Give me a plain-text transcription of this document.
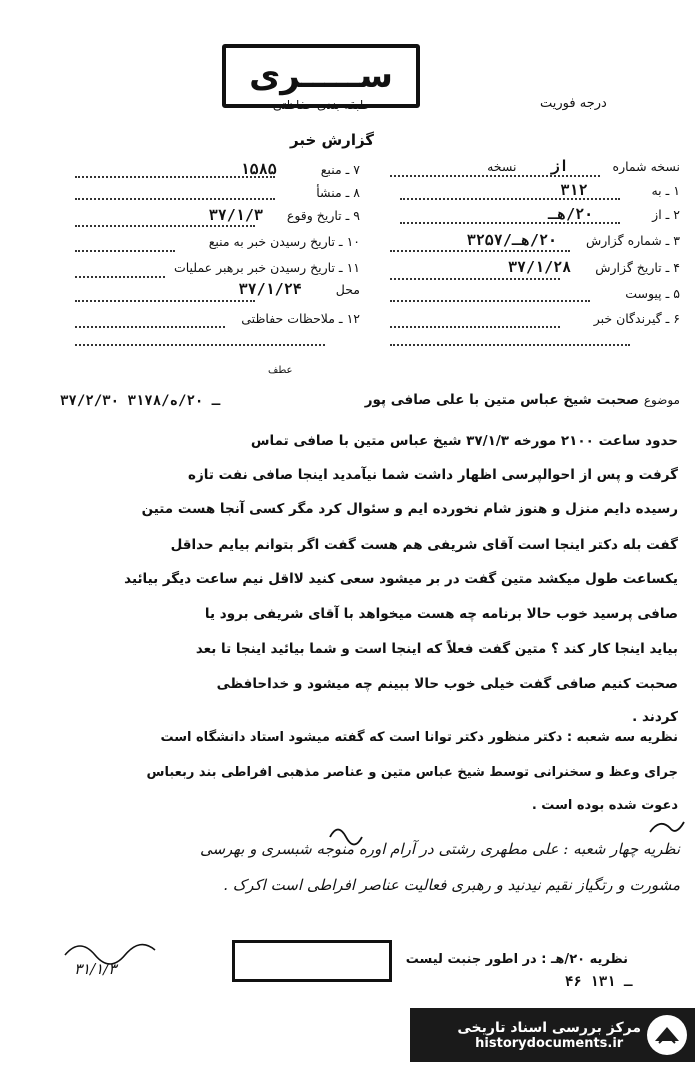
ســـــری
طبقه بندی حفاظتی	درجه فوریت
گزارش خبر
نسخه شماره از نسخه
۱ ـ به ۳۱۲
۲ ـ از ۲۰/هـ
۳ ـ شماره گزارش ۲۰/هـ/۳۲۵۷
۴ ـ تاریخ گزارش ۳۷/۱/۲۸
۵ ـ پیوست
۶ ـ گیرندگان خبر
۷ ـ منبع ۱۵۸۵
۸ ـ منشأ
۹ ـ تاریخ وقوع ۳۷/۱/۳
۱۰ ـ تاریخ رسیدن خبر به منبع
۱۱ ـ تاریخ رسیدن خبر برهبر عملیات
محل ۳۷/۱/۲۴
۱۲ ـ ملاحظات حفاظتی
موضوع صحبت شیخ عباس متین با علی صافی پور
عطف
۳۷/۲/۳۰ ـ ۲۰/ه/۳۱۷۸
حدود ساعت ۲۱۰۰ مورخه ۳۷/۱/۳ شیخ عباس متین با صافی تماس
گرفت و پس از احوالپرسی اظهار داشت شما نیآمدید اینجا صافی نفت تازه
رسیده دایم منزل و هنوز شام نخورده ایم و سئوال کرد مگر کسی آنجا هست متین
گفت بله دکتر اینجا است آقای شریفی هم هست گفت اگر بتوانم بیایم حداقل
یکساعت طول میکشد متین گفت در بر میشود سعی کنید لااقل نیم ساعت دیگر بیائید
صافی پرسید خوب حالا برنامه چه هست میخواهد با آقای شریفی برود یا
بیاید اینجا کار کند ؟ متین گفت فعلاً که اینجا است و شما بیائید اینجا تا بعد
صحبت کنیم صافی گفت خیلی خوب حالا ببینم چه میشود و خداحافظی
کردند .
نظریه سه شعبه : دکتر منظور دکتر توانا است که گفته میشود استاد دانشگاه است
جرای وعظ و سخنرانی توسط شیخ عباس متین و عناصر مذهبی افراطی بند ربعباس
دعوت شده بوده است .
نظریه چهار شعبه : علی مطهری رشتی در آرام اوره منوجه شبسری و بهرسی
مشورت و رتگیاز نقیم نیدنید و رهبری فعالیت عناصر افراطی است اکرک .
نظریه ۲۰/هـ : در اطور جنبت لیست
۴۶ ـ ۱۳۱
۳۱/۱/۳
مرکز بررسی اسناد تاریخی
historydocuments.ir
